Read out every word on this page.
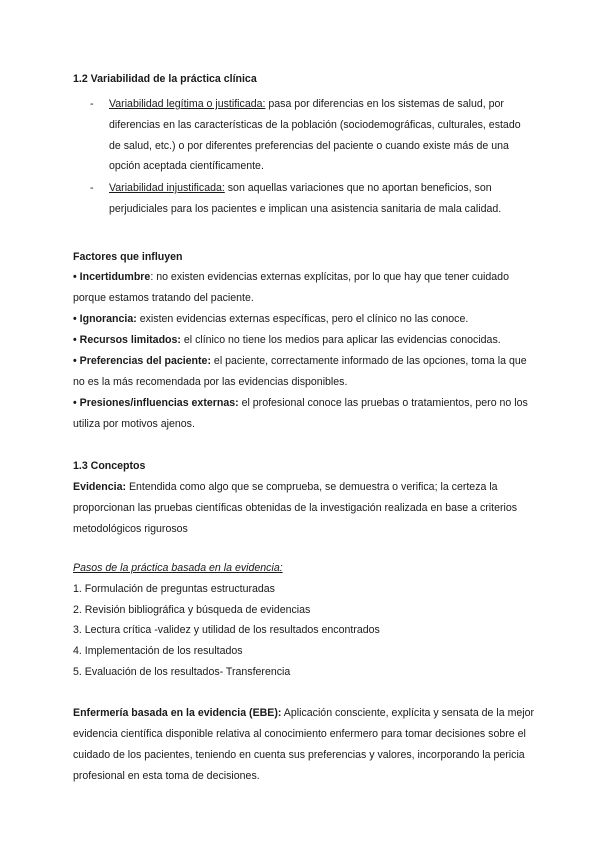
1.2 Variabilidad de la práctica clínica

- Variabilidad legítima o justificada: pasa por diferencias en los sistemas de salud, por diferencias en las características de la población (sociodemográficas, culturales, estado de salud, etc.) o por diferentes preferencias del paciente o cuando existe más de una opción aceptada científicamente.
- Variabilidad injustificada: son aquellas variaciones que no aportan beneficios, son perjudiciales para los pacientes e implican una asistencia sanitaria de mala calidad.

Factores que influyen

• Incertidumbre: no existen evidencias externas explícitas, por lo que hay que tener cuidado porque estamos tratando del paciente.
• Ignorancia: existen evidencias externas específicas, pero el clínico no las conoce.
• Recursos limitados: el clínico no tiene los medios para aplicar las evidencias conocidas.
• Preferencias del paciente: el paciente, correctamente informado de las opciones, toma la que no es la más recomendada por las evidencias disponibles.
• Presiones/influencias externas: el profesional conoce las pruebas o tratamientos, pero no los utiliza por motivos ajenos.

1.3 Conceptos

Evidencia: Entendida como algo que se comprueba, se demuestra o verifica; la certeza la proporcionan las pruebas científicas obtenidas de la investigación realizada en base a criterios metodológicos rigurosos

Pasos de la práctica basada en la evidencia:
1. Formulación de preguntas estructuradas
2. Revisión bibliográfica y búsqueda de evidencias
3. Lectura crítica -validez y utilidad de los resultados encontrados
4. Implementación de los resultados
5. Evaluación de los resultados- Transferencia

Enfermería basada en la evidencia (EBE): Aplicación consciente, explícita y sensata de la mejor evidencia científica disponible relativa al conocimiento enfermero para tomar decisiones sobre el cuidado de los pacientes, teniendo en cuenta sus preferencias y valores, incorporando la pericia profesional en esta toma de decisiones.
